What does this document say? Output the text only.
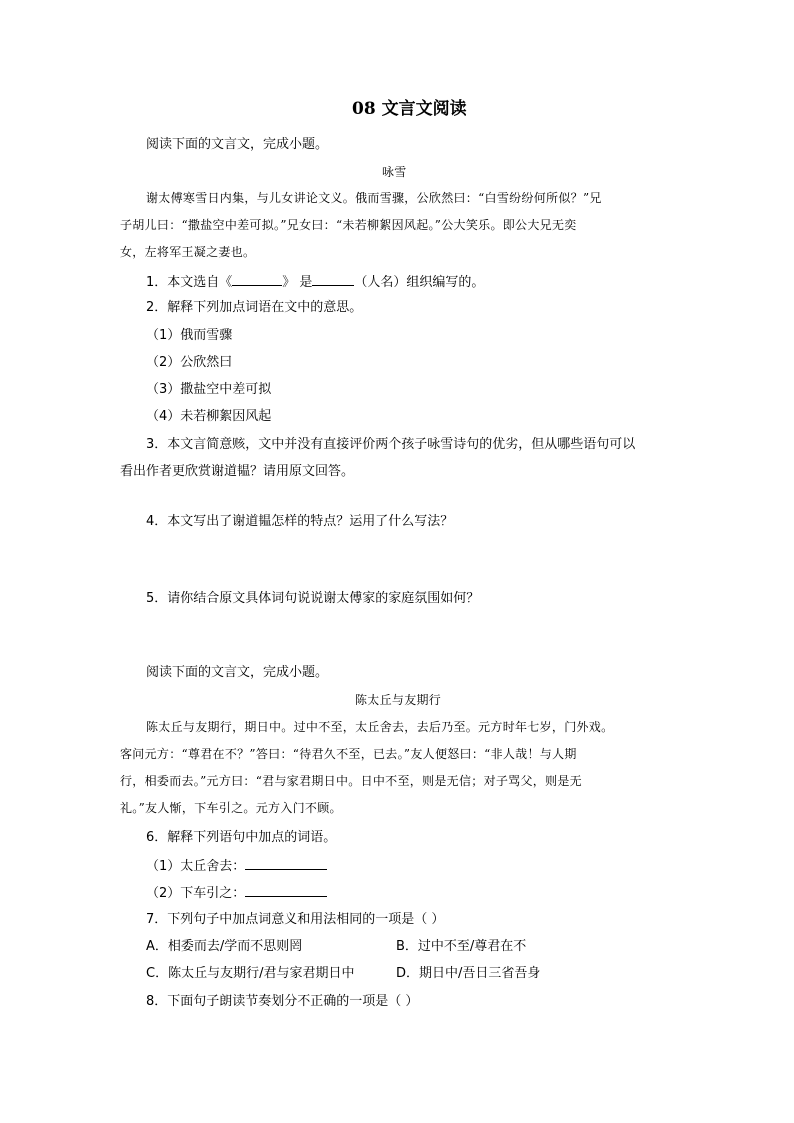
08 文言文阅读
阅读下面的文言文，完成小题。
咏雪
谢太傅寒雪日内集，与儿女讲论文义。俄而雪骤，公欣然曰：“白雪纷纷何所似？”兄
子胡儿曰：“撒盐空中差可拟。”兄女曰：“未若柳絮因风起。”公大笑乐。即公大兄无奕
女，左将军王凝之妻也。
1．本文选自《	》 是	（人名）组织编写的。
2．解释下列加点词语在文中的意思。
（1）俄而雪骤
（2）公欣然曰
（3）撒盐空中差可拟
（4）未若柳絮因风起
3．本文言简意赅，文中并没有直接评价两个孩子咏雪诗句的优劣，但从哪些语句可以
看出作者更欣赏谢道韫？请用原文回答。
4．本文写出了谢道韫怎样的特点？运用了什么写法？
5．请你结合原文具体词句说说谢太傅家的家庭氛围如何？
阅读下面的文言文，完成小题。
陈太丘与友期行
陈太丘与友期行，期日中。过中不至，太丘舍去，去后乃至。元方时年七岁，门外戏。
客问元方：“尊君在不？”答曰：“待君久不至，已去。”友人便怒曰：“非人哉！与人期
行，相委而去。”元方曰：“君与家君期日中。日中不至，则是无信；对子骂父，则是无
礼。”友人惭，下车引之。元方入门不顾。
6．解释下列语句中加点的词语。
（1）太丘舍去：
（2）下车引之：
7．下列句子中加点词意义和用法相同的一项是（ ）
A．相委而去/学而不思则罔	B．过中不至/尊君在不
C．陈太丘与友期行/君与家君期日中	D．期日中/吾日三省吾身
8．下面句子朗读节奏划分不正确的一项是（ ）
